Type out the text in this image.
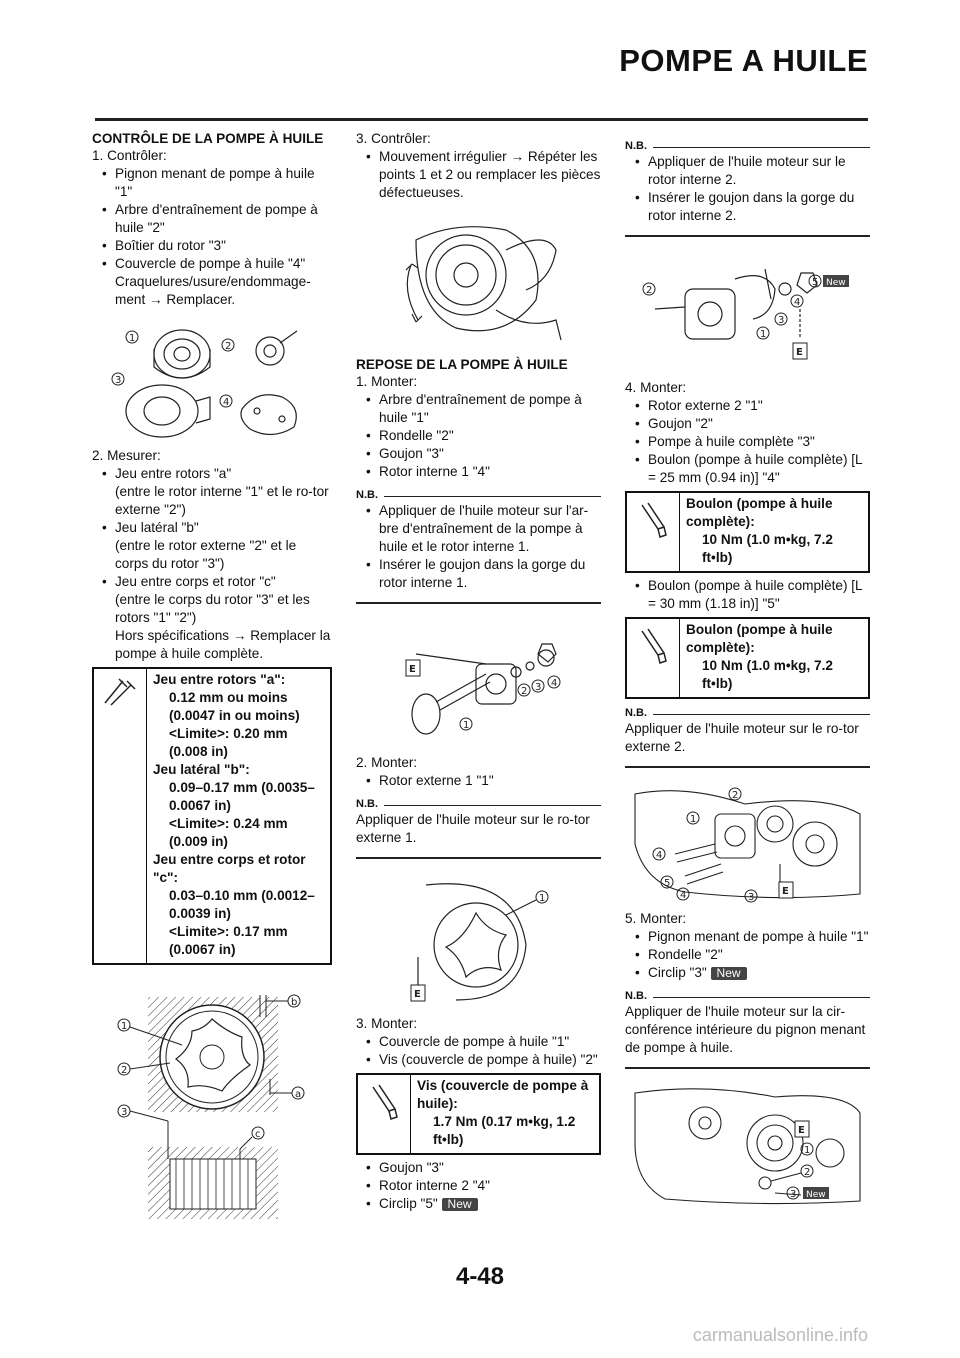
POMPE A HUILE
CONTRÔLE DE LA POMPE À HUILE
1. Contrôler:
• Pignon menant de pompe à huile "1"
• Arbre d'entraînement de pompe à huile "2"
• Boîtier du rotor "3"
• Couvercle de pompe à huile "4"
Craquelures/usure/endommage-ment → Remplacer.
1
2
3
4
2. Mesurer:
• Jeu entre rotors "a"
(entre le rotor interne "1" et le ro-tor externe "2")
• Jeu latéral "b"
(entre le rotor externe "2" et le corps du rotor "3")
• Jeu entre corps et rotor "c"
(entre le corps du rotor "3" et les rotors "1" "2")
Hors spécifications → Remplacer la pompe à huile complète.
Jeu entre rotors "a":
0.12 mm ou moins (0.0047 in ou moins)
<Limite>: 0.20 mm (0.008 in)
Jeu latéral "b":
0.09–0.17 mm (0.0035–0.0067 in)
<Limite>: 0.24 mm (0.009 in)
Jeu entre corps et rotor "c":
0.03–0.10 mm (0.0012–0.0039 in)
<Limite>: 0.17 mm (0.0067 in)
1
2
3
a
b
c
3. Contrôler:
• Mouvement irrégulier → Répéter les points 1 et 2 ou remplacer les pièces défectueuses.
REPOSE DE LA POMPE À HUILE
1. Monter:
• Arbre d'entraînement de pompe à huile "1"
• Rondelle "2"
• Goujon "3"
• Rotor interne 1 "4"
N.B.
• Appliquer de l'huile moteur sur l'ar-bre d'entraînement de la pompe à huile et le rotor interne 1.
• Insérer le goujon dans la gorge du rotor interne 1.
1
2 3 4
E
2. Monter:
• Rotor externe 1 "1"
N.B.
Appliquer de l'huile moteur sur le ro-tor externe 1.
1
E
3. Monter:
• Couvercle de pompe à huile "1"
• Vis (couvercle de pompe à huile) "2"
Vis (couvercle de pompe à huile):
1.7 Nm (0.17 m•kg, 1.2 ft•lb)
• Goujon "3"
• Rotor interne 2 "4"
• Circlip "5" New
N.B.
• Appliquer de l'huile moteur sur le rotor interne 2.
• Insérer le goujon dans la gorge du rotor interne 2.
1
2
3
4
5
E
New
4. Monter:
• Rotor externe 2 "1"
• Goujon "2"
• Pompe à huile complète "3"
• Boulon (pompe à huile complète) [L = 25 mm (0.94 in)] "4"
Boulon (pompe à huile complète):
10 Nm (1.0 m•kg, 7.2 ft•lb)
• Boulon (pompe à huile complète) [L = 30 mm (1.18 in)] "5"
Boulon (pompe à huile complète):
10 Nm (1.0 m•kg, 7.2 ft•lb)
N.B.
Appliquer de l'huile moteur sur le ro-tor externe 2.
1
2
3
4
4
5
E
5. Monter:
• Pignon menant de pompe à huile "1"
• Rondelle "2"
• Circlip "3" New
N.B.
Appliquer de l'huile moteur sur la cir-conférence intérieure du pignon menant de pompe à huile.
1
2
3
E
New
4-48
carmanualsonline.info
